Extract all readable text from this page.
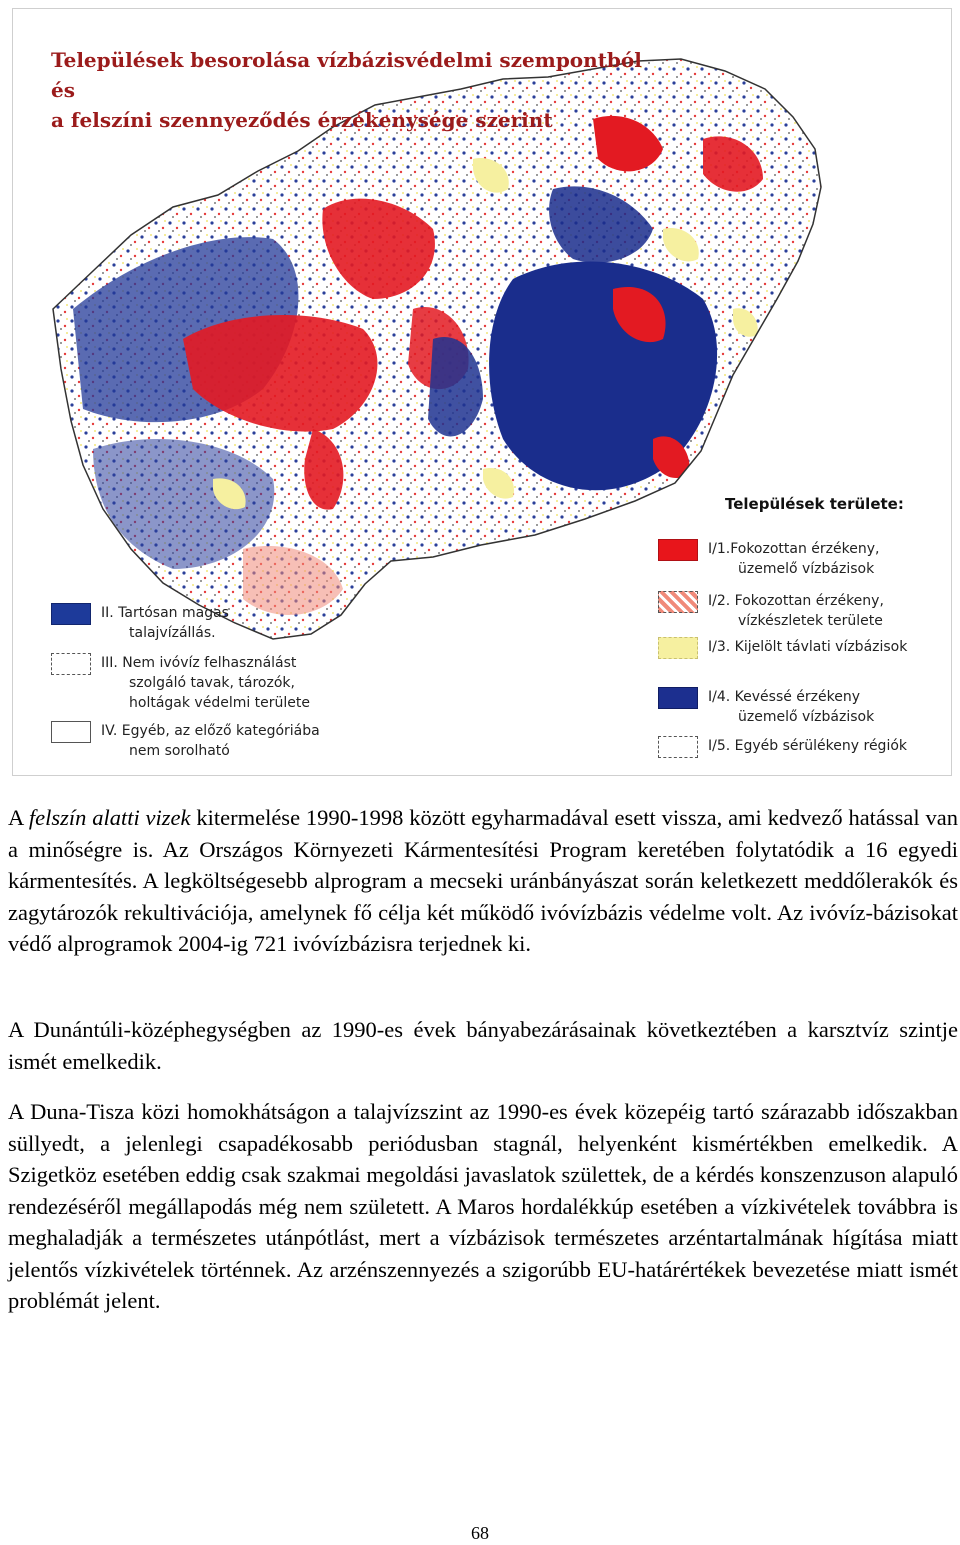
Települések besorolása vízbázisvédelmi szempontból és
a felszíni szennyeződés érzékenysége szerint
Települések területe:
I/1.Fokozottan érzékeny,
üzemelő vízbázisok
I/2. Fokozottan érzékeny,
vízkészletek területe
I/3. Kijelölt távlati vízbázisok
I/4. Kevéssé érzékeny
üzemelő vízbázisok
I/5. Egyéb sérülékeny régiók
II. Tartósan magas
talajvízállás.
III. Nem ivóvíz felhasználást
szolgáló tavak, tározók,
holtágak védelmi területe
IV. Egyéb, az előző kategóriába
nem sorolható

A felszín alatti vizek kitermelése 1990-1998 között egyharmadával esett vissza, ami kedvező hatással van a minőségre is. Az Országos Környezeti Kármentesítési Program keretében folytatódik a 16 egyedi kármentesítés. A legköltségesebb alprogram a mecseki uránbányászat során keletkezett meddőlerakók és zagytározók rekultivációja, amelynek fő célja két működő ivóvízbázis védelme volt. Az ivóvíz-bázisokat védő alprogramok 2004-ig 721 ivóvízbázisra terjednek ki.

A Dunántúli-középhegységben az 1990-es évek bányabezárásainak következtében a karsztvíz szintje ismét emelkedik.

A Duna-Tisza közi homokhátságon a talajvízszint az 1990-es évek közepéig tartó szárazabb időszakban süllyedt, a jelenlegi csapadékosabb periódusban stagnál, helyenként kismértékben emelkedik. A Szigetköz esetében eddig csak szakmai megoldási javaslatok születtek, de a kérdés konszenzuson alapuló rendezéséről megállapodás még nem született. A Maros hordalékkúp esetében a vízkivételek továbbra is meghaladják a természetes utánpótlást, mert a vízbázisok természetes arzéntartalmának hígítása miatt jelentős vízkivételek történnek. Az arzénszennyezés a szigorúbb EU-határértékek bevezetése miatt ismét problémát jelent.

68
